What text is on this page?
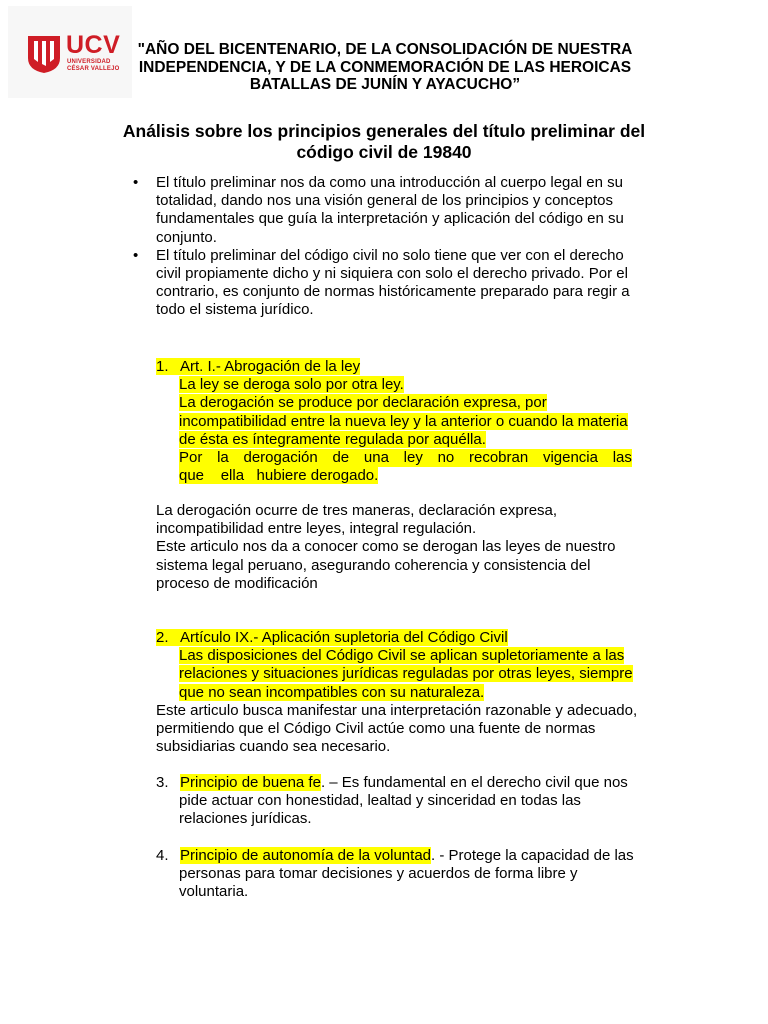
UCV
UNIVERSIDAD
CÉSAR VALLEJO
"AÑO DEL BICENTENARIO, DE LA CONSOLIDACIÓN DE NUESTRA
INDEPENDENCIA, Y DE LA CONMEMORACIÓN DE LAS HEROICAS
BATALLAS DE JUNÍN Y AYACUCHO”
Análisis sobre los principios generales del título preliminar del
código civil de 19840
• El título preliminar nos da como una introducción al cuerpo legal en su
totalidad, dando nos una visión general de los principios y conceptos
fundamentales que guía la interpretación y aplicación del código en su
conjunto.
• El título preliminar del código civil no solo tiene que ver con el derecho
civil propiamente dicho y ni siquiera con solo el derecho privado. Por el
contrario, es conjunto de normas históricamente preparado para regir a
todo el sistema jurídico.
1. Art. I.- Abrogación de la ley
La ley se deroga solo por otra ley.
La derogación se produce por declaración expresa, por
incompatibilidad entre la nueva ley y la anterior o cuando la materia
de ésta es íntegramente regulada por aquélla.
Por la derogación de una ley no recobran vigencia las
que    ella   hubiere derogado.
La derogación ocurre de tres maneras, declaración expresa,
incompatibilidad entre leyes, integral regulación.
Este articulo nos da a conocer como se derogan las leyes de nuestro
sistema legal peruano, asegurando coherencia y consistencia del
proceso de modificación
2. Artículo IX.- Aplicación supletoria del Código Civil
Las disposiciones del Código Civil se aplican supletoriamente a las
relaciones y situaciones jurídicas reguladas por otras leyes, siempre
que no sean incompatibles con su naturaleza.
Este articulo busca manifestar una interpretación razonable y adecuado,
permitiendo que el Código Civil actúe como una fuente de normas
subsidiarias cuando sea necesario.
3. Principio de buena fe. – Es fundamental en el derecho civil que nos
pide actuar con honestidad, lealtad y sinceridad en todas las
relaciones jurídicas.
4. Principio de autonomía de la voluntad. - Protege la capacidad de las
personas para tomar decisiones y acuerdos de forma libre y
voluntaria.
